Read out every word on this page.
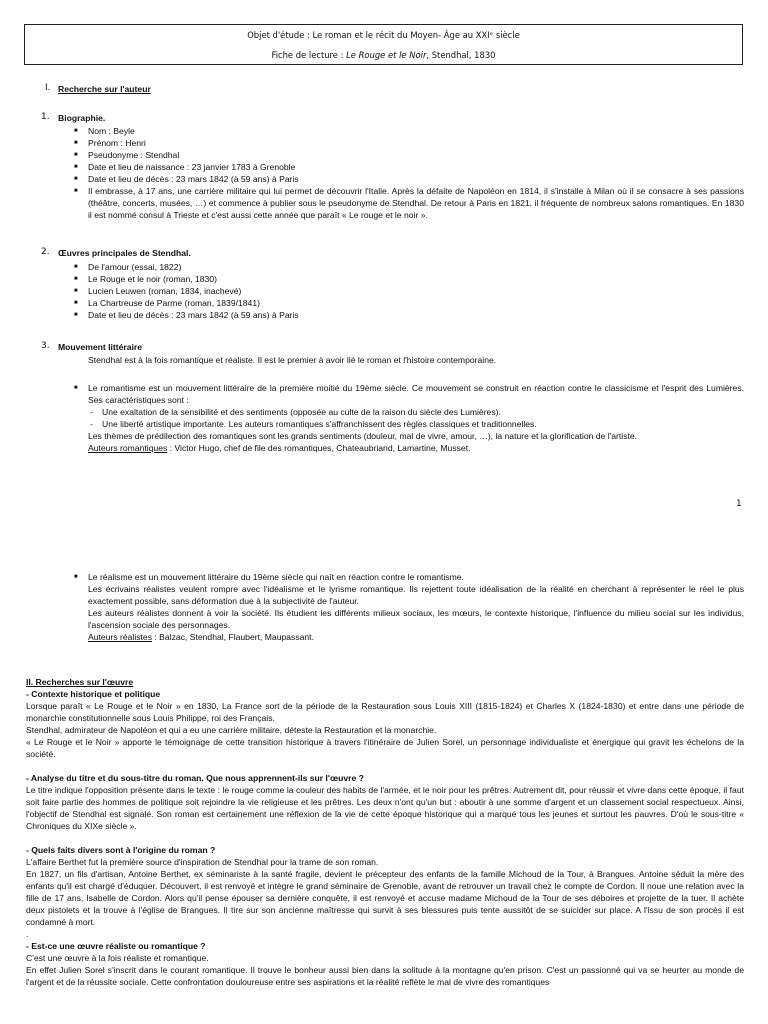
Objet d'étude : Le roman et le récit du Moyen- Âge au XXIᵉ siècle
Fiche de lecture : Le Rouge et le Noir, Stendhal, 1830
I. Recherche sur l'auteur
1. Biographie.
■ Nom : Beyle
■ Prénom : Henri
■ Pseudonyme : Stendhal
■ Date et lieu de naissance : 23 janvier 1783 à Grenoble
■ Date et lieu de décès : 23 mars 1842 (à 59 ans) à Paris
■ Il embrasse, à 17 ans, une carrière militaire qui lui permet de découvrir l'Italie. Après la défaite de Napoléon en 1814, il s'installe à Milan où il se consacre à ses passions (théâtre, concerts, musées, …) et commence à publier sous le pseudonyme de Stendhal. De retour à Paris en 1821, il fréquente de nombreux salons romantiques. En 1830 il est nommé consul à Trieste et c'est aussi cette année que paraît « Le rouge et le noir ».
2. Œuvres principales de Stendhal.
■ De l'amour (essai, 1822)
■ Le Rouge et le noir (roman, 1830)
■ Lucien Leuwen (roman, 1834, inachevé)
■ La Chartreuse de Parme (roman, 1839/1841)
■ Date et lieu de décès : 23 mars 1842 (à 59 ans) à Paris
3. Mouvement littéraire
Stendhal est à la fois romantique et réaliste. Il est le premier à avoir lié le roman et l'histoire contemporaine.
■ Le romantisme est un mouvement littéraire de la première moitié du 19ème siècle. Ce mouvement se construit en réaction contre le classicisme et l'esprit des Lumières. Ses caractéristiques sont :
- Une exaltation de la sensibilité et des sentiments (opposée au culte de la raison du siècle des Lumières).
- Une liberté artistique importante. Les auteurs romantiques s'affranchissent des règles classiques et traditionnelles.
Les thèmes de prédilection des romantiques sont les grands sentiments (douleur, mal de vivre, amour, …), la nature et la glorification de l'artiste.
Auteurs romantiques : Victor Hugo, chef de file des romantiques, Chateaubriand, Lamartine, Musset.
1
■ Le réalisme est un mouvement littéraire du 19ème siècle qui naît en réaction contre le romantisme.

Les écrivains réalistes veulent rompre avec l'idéalisme et le lyrisme romantique. Ils rejettent toute idéalisation de la réalité en cherchant à représenter le réel le plus exactement possible, sans déformation due à la subjectivité de l'auteur.

Les auteurs réalistes donnent à voir la société. Ils étudient les différents milieux sociaux, les mœurs, le contexte historique, l'influence du milieu social sur les individus, l'ascension sociale des personnages.

Auteurs réalistes : Balzac, Stendhal, Flaubert, Maupassant.

II. Recherches sur l'œuvre

- Contexte historique et politique

Lorsque paraît « Le Rouge et le Noir » en 1830, La France sort de la période de la Restauration sous Louis XIII (1815-1824) et Charles X (1824-1830) et entre dans une période de monarchie constitutionnelle sous Louis Philippe, roi des Français.

Stendhal, admirateur de Napoléon et qui a eu une carrière militaire, déteste la Restauration et la monarchie.

« Le Rouge et le Noir » apporte le témoignage de cette transition historique à travers l'itinéraire de Julien Sorel, un personnage individualiste et énergique qui gravit les échelons de la société.

- Analyse du titre et du sous-titre du roman. Que nous apprennent-ils sur l'œuvre ?

Le titre indique l'opposition présente dans le texte : le rouge comme la couleur des habits de l'armée, et le noir pour les prêtres. Autrement dit, pour réussir et vivre dans cette époque, il faut soit faire partie des hommes de politique soit rejoindre la vie religieuse et les prêtres. Les deux n'ont qu'un but : aboutir à une somme d'argent et un classement social respectueux. Ainsi, l'objectif de Stendhal est signalé. Son roman est certainement une réflexion de la vie de cette époque historique qui a marqué tous les jeunes et surtout les pauvres. D'où le sous-titre « Chroniques du XIXe siècle ».

- Quels faits divers sont à l'origine du roman ?

L'affaire Berthet fut la première source d'inspiration de Stendhal pour la trame de son roman.

En 1827, un fils d'artisan, Antoine Berthet, ex séminariste à la santé fragile, devient le précepteur des enfants de la famille Michoud de la Tour, à Brangues. Antoine séduit la mère des enfants qu'il est chargé d'éduquer. Découvert, il est renvoyé et intègre le grand séminaire de Grenoble, avant de retrouver un travail chez le compte de Cordon. Il noue une relation avec la fille de 17 ans, Isabelle de Cordon. Alors qu'il pense épouser sa dernière conquête, il est renvoyé et accuse madame Michoud de la Tour de ses déboires et projette de la tuer. Il achète deux pistolets et la trouve à l'église de Brangues. Il tire sur son ancienne maîtresse qui survit à ses blessures puis tente aussitôt de se suicider sur place. A l'issu de son procès il est condamné à mort.

.

- Est-ce une œuvre réaliste ou romantique ?

C'est une œuvre à la fois réaliste et romantique.

En effet Julien Sorel s'inscrit dans le courant romantique. Il trouve le bonheur aussi bien dans la solitude à la montagne qu'en prison. C'est un passionné qui va se heurter au monde de l'argent et de la réussite sociale. Cette confrontation douloureuse entre ses aspirations et la réalité reflète le mal de vivre des romantiques
